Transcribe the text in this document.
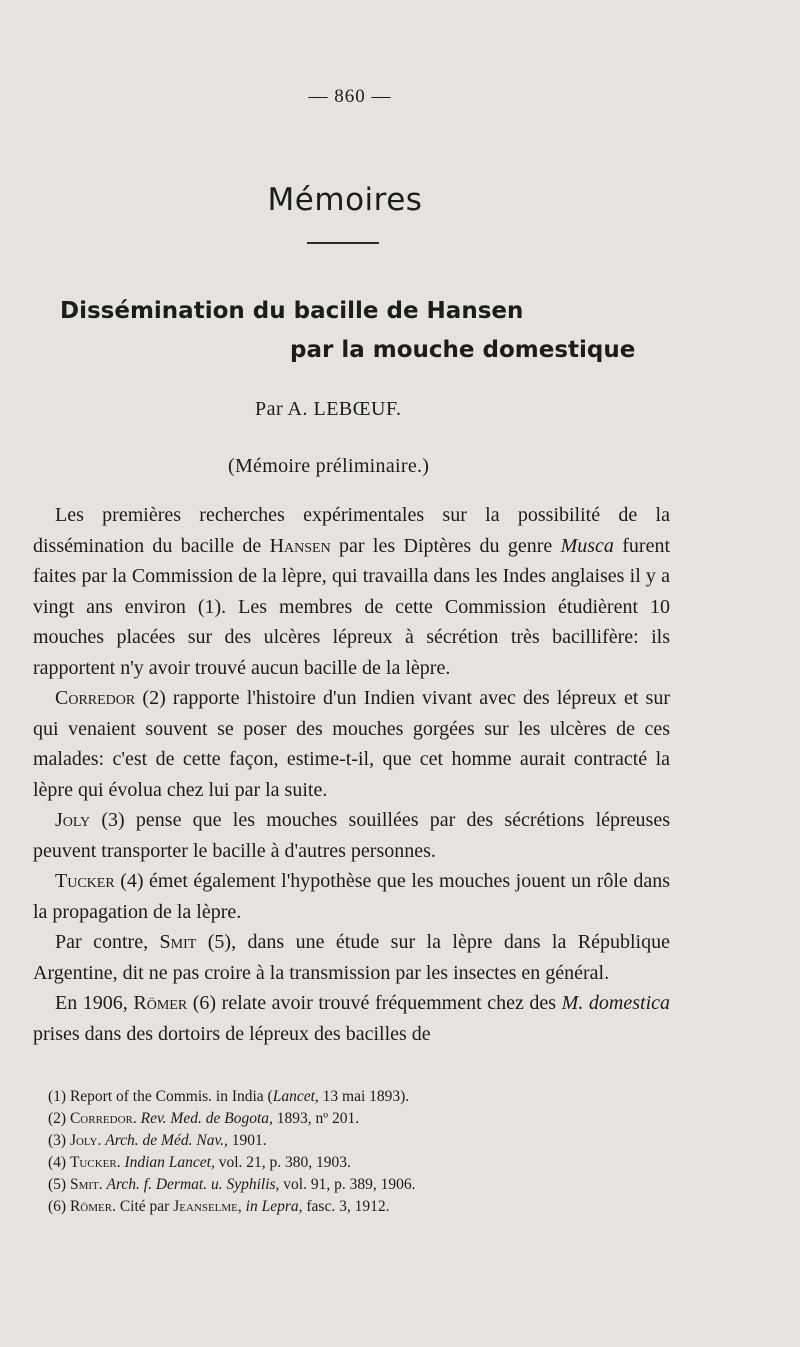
— 860 —
Mémoires
Dissémination du bacille de Hansen
par la mouche domestique
Par A. LEBŒUF.
(Mémoire préliminaire.)

Les premières recherches expérimentales sur la possibilité de la dissémination du bacille de Hansen par les Diptères du genre Musca furent faites par la Commission de la lèpre, qui travailla dans les Indes anglaises il y a vingt ans environ (1). Les membres de cette Commission étudièrent 10 mouches placées sur des ulcères lépreux à sécrétion très bacillifère: ils rapportent n'y avoir trouvé aucun bacille de la lèpre.

Corredor (2) rapporte l'histoire d'un Indien vivant avec des lépreux et sur qui venaient souvent se poser des mouches gorgées sur les ulcères de ces malades: c'est de cette façon, estime-t-il, que cet homme aurait contracté la lèpre qui évolua chez lui par la suite.

Joly (3) pense que les mouches souillées par des sécrétions lépreuses peuvent transporter le bacille à d'autres personnes.

Tucker (4) émet également l'hypothèse que les mouches jouent un rôle dans la propagation de la lèpre.

Par contre, Smit (5), dans une étude sur la lèpre dans la République Argentine, dit ne pas croire à la transmission par les insectes en général.

En 1906, Römer (6) relate avoir trouvé fréquemment chez des M. domestica prises dans des dortoirs de lépreux des bacilles de

(1) Report of the Commis. in India (Lancet, 13 mai 1893).
(2) Corredor. Rev. Med. de Bogota, 1893, nº 201.
(3) Joly. Arch. de Méd. Nav., 1901.
(4) Tucker. Indian Lancet, vol. 21, p. 380, 1903.
(5) Smit. Arch. f. Dermat. u. Syphilis, vol. 91, p. 389, 1906.
(6) Römer. Cité par Jeanselme, in Lepra, fasc. 3, 1912.
